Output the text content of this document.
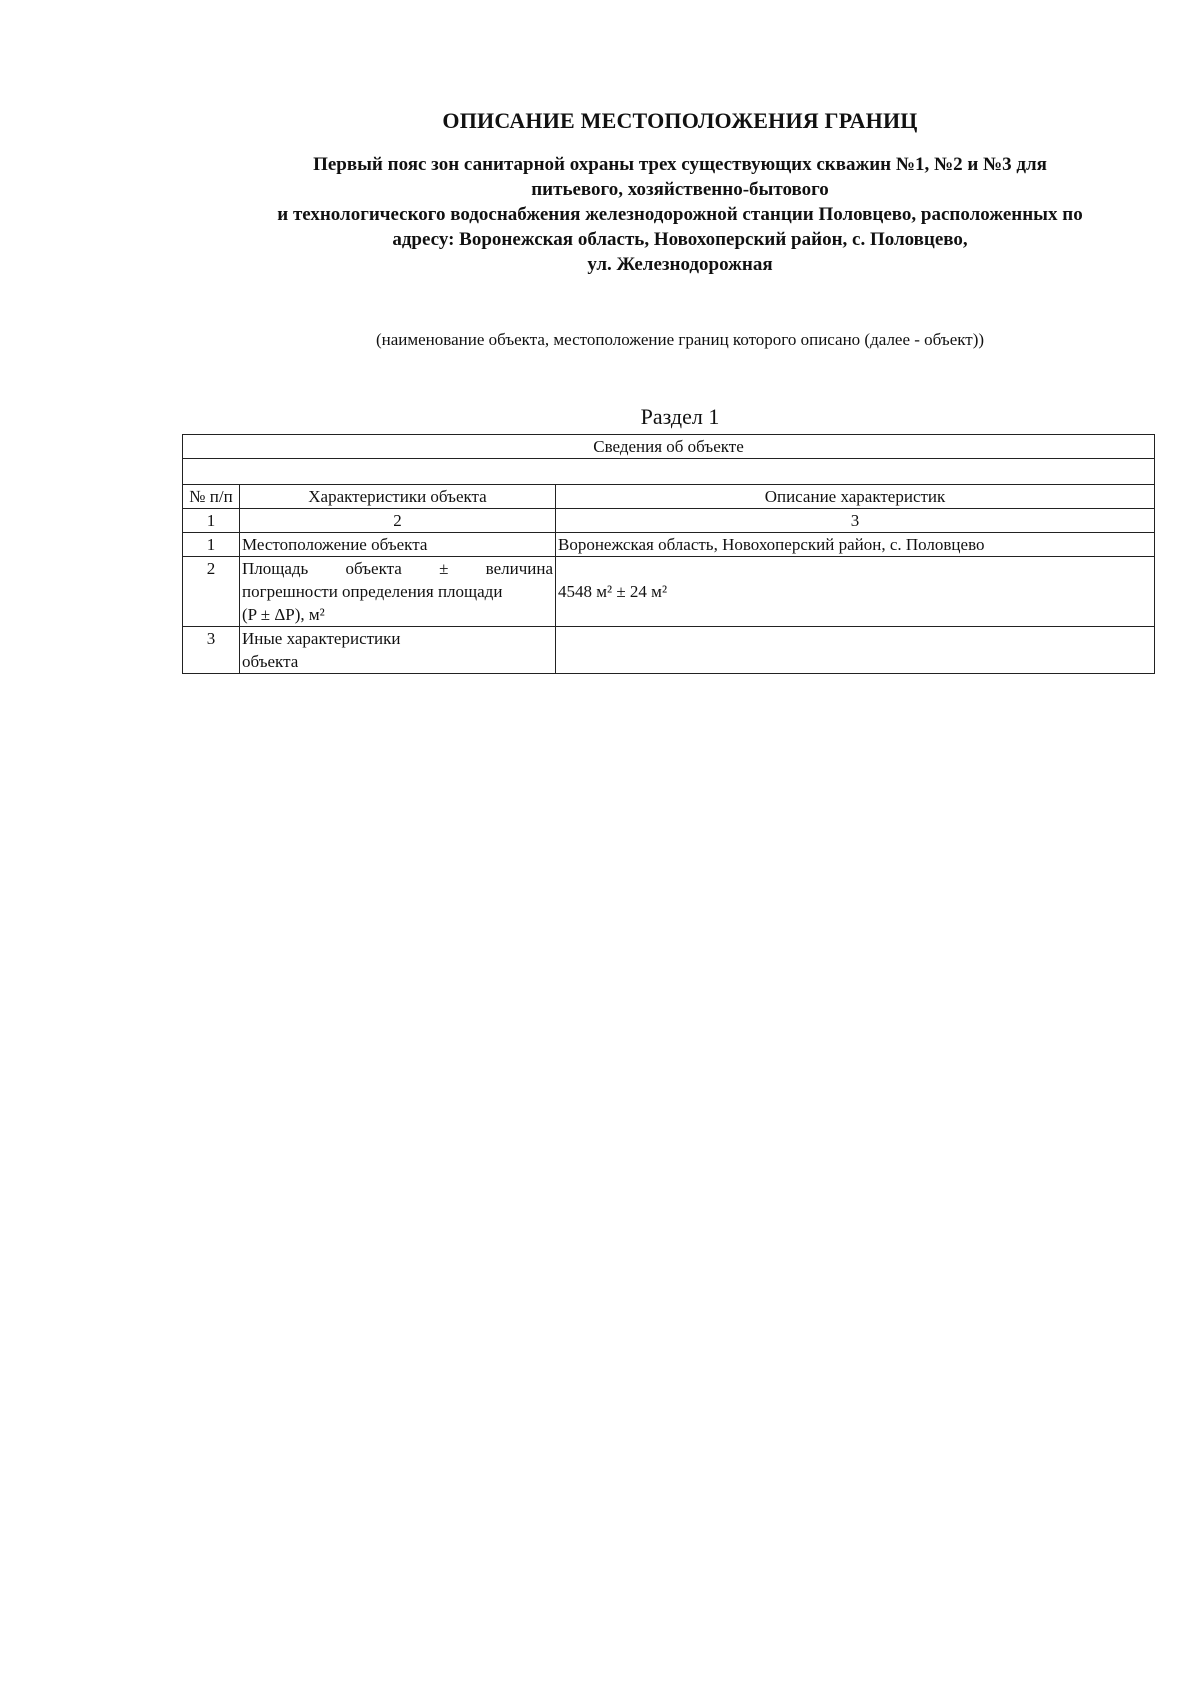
ОПИСАНИЕ МЕСТОПОЛОЖЕНИЯ ГРАНИЦ
Первый пояс зон санитарной охраны трех существующих скважин №1, №2 и №3 для
питьевого, хозяйственно-бытового
и технологического водоснабжения железнодорожной станции Половцево, расположенных по
адресу: Воронежская область, Новохоперский район, с. Половцево,
ул. Железнодорожная
(наименование объекта, местоположение границ которого описано (далее - объект))
Раздел 1
Сведения об объекте		

№ п/п	Характеристики объекта	Описание характеристик
1	2	3
1	Местоположение объекта	Воронежская область, Новохоперский район, с. Половцево
2	Площадь объекта ± величина
погрешности определения площади
(P ± ΔP), м²	4548 м² ± 24 м²
3	Иные характеристики
объекта	
